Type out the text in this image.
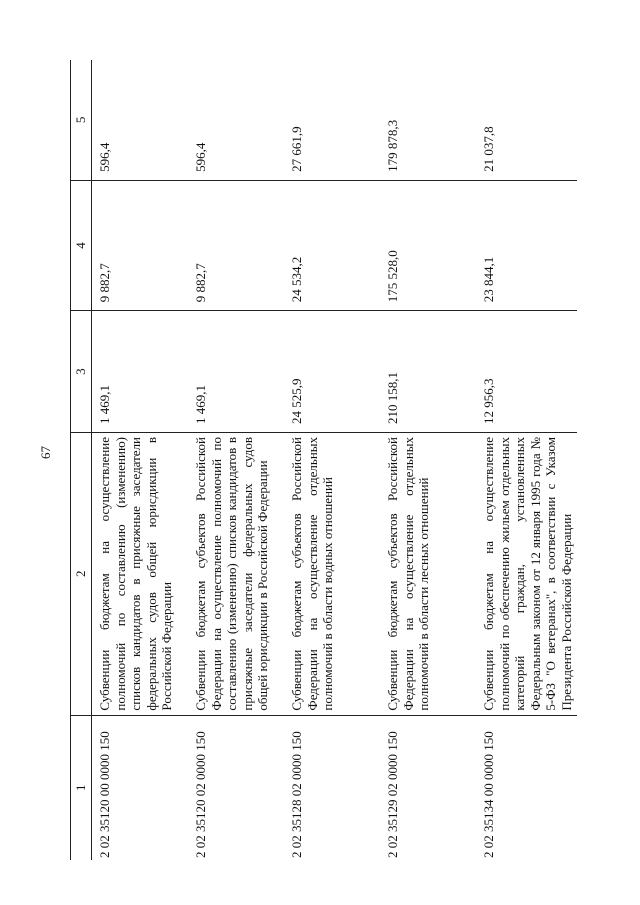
67
1	2	3	4	5
2 02 35120 00 0000 150	Субвенции бюджетам на осуществление полномочий по составлению (изменению) списков кандидатов в присяжные заседатели федеральных судов общей юрисдикции в Российской Федерации	1 469,1	9 882,7	596,4
2 02 35120 02 0000 150	Субвенции бюджетам субъектов Российской Федерации на осуществление полномочий по составлению (изменению) списков кандидатов в присяжные заседатели федеральных судов общей юрисдикции в Российской Федерации	1 469,1	9 882,7	596,4
2 02 35128 02 0000 150	Субвенции бюджетам субъектов Российской Федерации на осуществление отдельных полномочий в области водных отношений	24 525,9	24 534,2	27 661,9
2 02 35129 02 0000 150	Субвенции бюджетам субъектов Российской Федерации на осуществление отдельных полномочий в области лесных отношений	210 158,1	175 528,0	179 878,3
2 02 35134 00 0000 150	Субвенции бюджетам на осуществление полномочий по обеспечению жильем отдельных категорий граждан, установленных Федеральным законом от 12 января 1995 года № 5-ФЗ "О ветеранах", в соответствии с Указом Президента Российской Федерации	12 956,3	23 844,1	21 037,8
